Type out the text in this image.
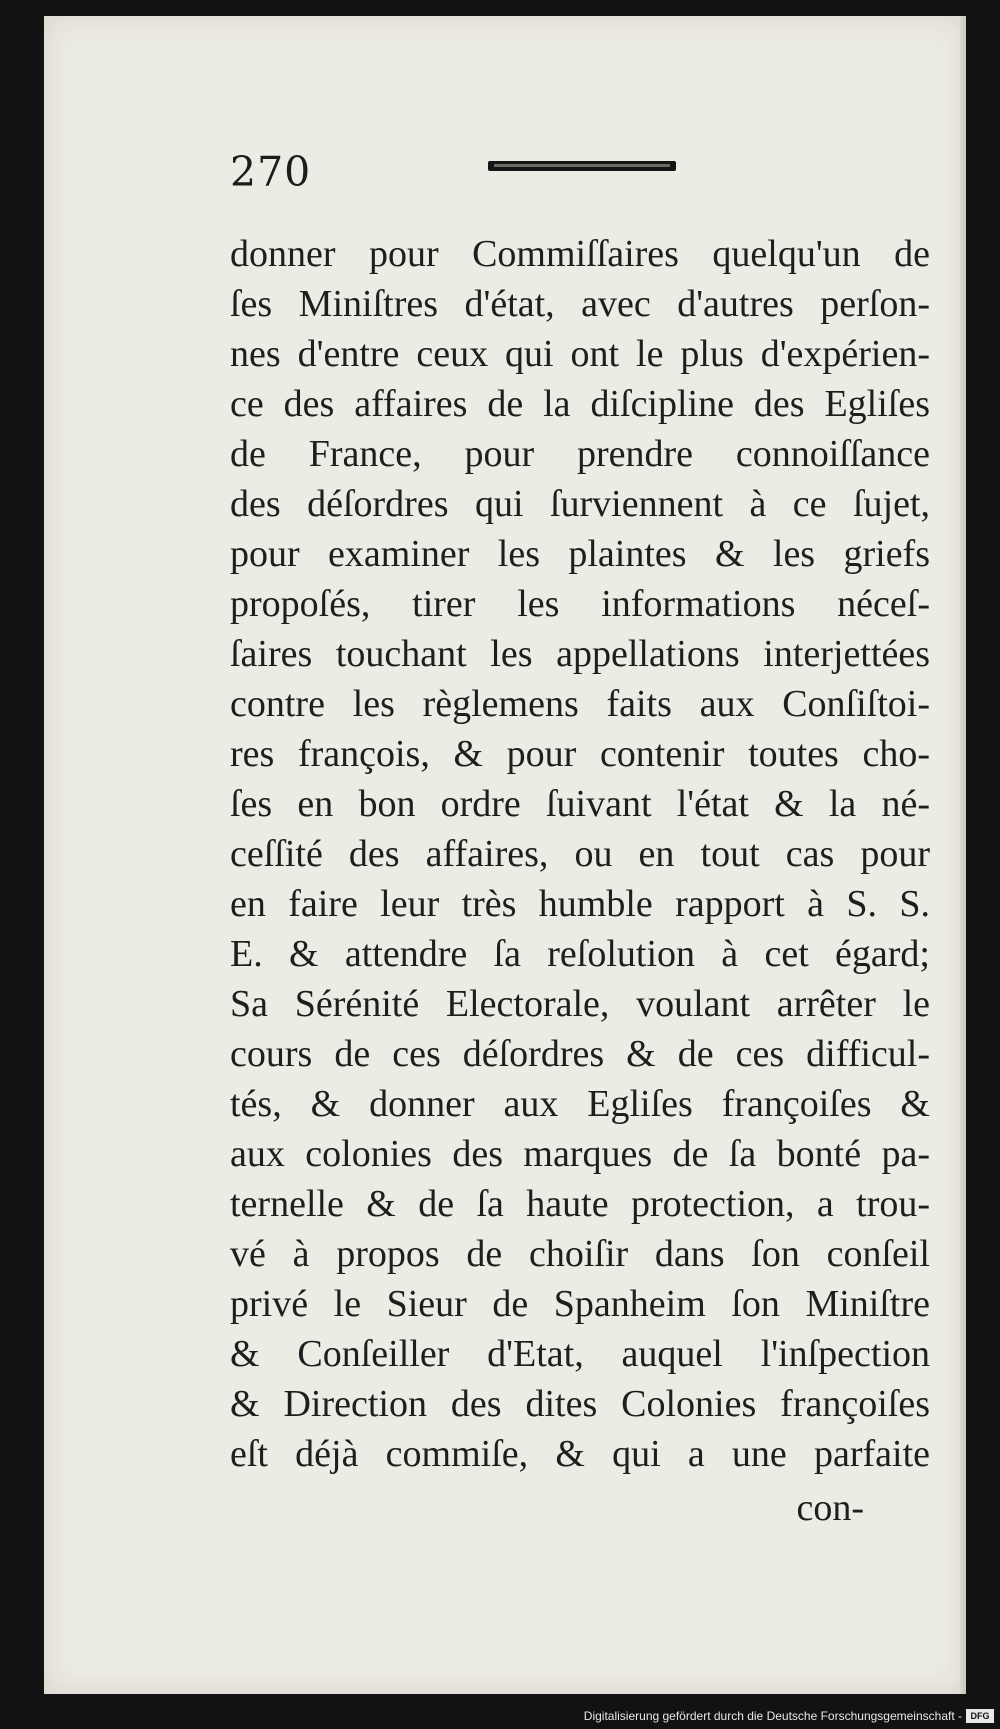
270
donner pour Commiſſaires quelqu'un de
ſes Miniſtres d'état, avec d'autres perſon-
nes d'entre ceux qui ont le plus d'expérien-
ce des affaires de la diſcipline des Egliſes
de France, pour prendre connoiſſance
des déſordres qui ſurviennent à ce ſujet,
pour examiner les plaintes & les griefs
propoſés, tirer les informations néceſ-
ſaires touchant les appellations interjettées
contre les règlemens faits aux Conſiſtoi-
res françois, & pour contenir toutes cho-
ſes en bon ordre ſuivant l'état & la né-
ceſſité des affaires, ou en tout cas pour
en faire leur très humble rapport à S. S.
E. & attendre ſa reſolution à cet égard;
Sa Sérénité Electorale, voulant arrêter le
cours de ces déſordres & de ces difficul-
tés, & donner aux Egliſes françoiſes &
aux colonies des marques de ſa bonté pa-
ternelle & de ſa haute protection, a trou-
vé à propos de choiſir dans ſon conſeil
privé le Sieur de Spanheim ſon Miniſtre
& Conſeiller d'Etat, auquel l'inſpection
& Direction des dites Colonies françoiſes
eſt déjà commiſe, & qui a une parfaite
con-
Digitalisierung gefördert durch die Deutsche Forschungsgemeinschaft - DFG
